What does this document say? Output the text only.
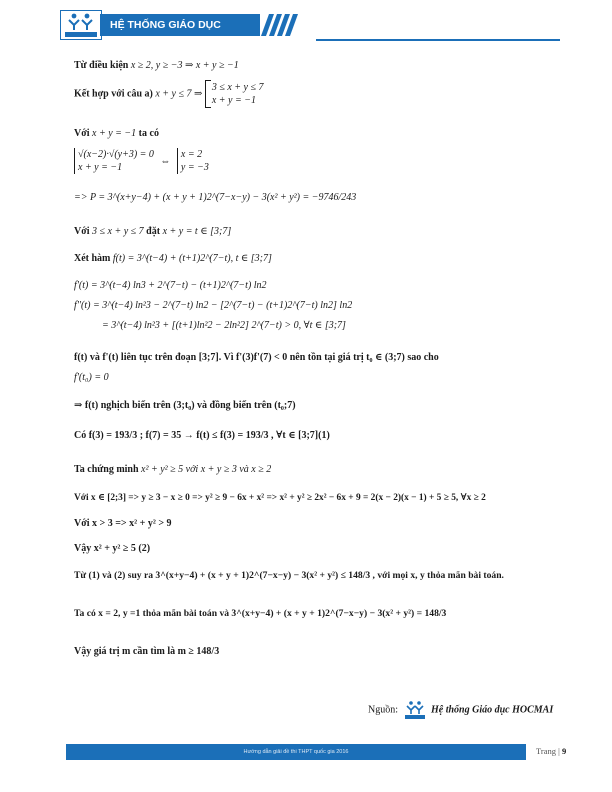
HỆ THỐNG GIÁO DỤC HOCMAI
Từ điều kiện x ≥ 2, y ≥ −3 ⇒ x + y ≥ −1
Kết hợp với câu a) x + y ≤ 7 ⇒
3 ≤ x + y ≤ 7
x + y = −1
Với x + y = −1 ta có
√(x−2)·√(y+3) = 0
x + y = −1
⇔
x = 2
y = −3
=> P = 3^(x+y−4) + (x + y + 1)2^(7−x−y) − 3(x² + y²) = −9746/243
Với 3 ≤ x + y ≤ 7 đặt x + y = t ∈ [3;7]
Xét hàm f(t) = 3^(t−4) + (t+1)2^(7−t), t ∈ [3;7]
f'(t) = 3^(t−4) ln3 + 2^(7−t) − (t+1)2^(7−t) ln2
f''(t) = 3^(t−4) ln²3 − 2^(7−t) ln2 − [2^(7−t) − (t+1)2^(7−t) ln2] ln2
= 3^(t−4) ln²3 + [(t+1)ln²2 − 2ln²2] 2^(7−t) > 0, ∀t ∈ [3;7]
f(t) và f'(t) liên tục trên đoạn [3;7]. Vì f'(3)f'(7) < 0 nên tồn tại giá trị t₀ ∈ (3;7) sao cho
f'(t₀) = 0
⇒ f(t) nghịch biến trên (3;t₀) và đồng biến trên (t₀;7)
Có f(3) = 193/3 ; f(7) = 35 → f(t) ≤ f(3) = 193/3 , ∀t ∈ [3;7](1)
Ta chứng minh x² + y² ≥ 5 với x + y ≥ 3 và x ≥ 2
Với x ∈ [2;3] => y ≥ 3 − x ≥ 0 => y² ≥ 9 − 6x + x² => x² + y² ≥ 2x² − 6x + 9 = 2(x − 2)(x − 1) + 5 ≥ 5, ∀x ≥ 2
Với x > 3 => x² + y² > 9
Vậy x² + y² ≥ 5 (2)
Từ (1) và (2) suy ra 3^(x+y−4) + (x + y + 1)2^(7−x−y) − 3(x² + y²) ≤ 148/3 , với mọi x, y thỏa mãn bài toán.
Ta có x = 2, y =1 thỏa mãn bài toán và 3^(x+y−4) + (x + y + 1)2^(7−x−y) − 3(x² + y²) = 148/3
Vậy giá trị m cần tìm là m ≥ 148/3
Nguồn:	Hệ thống Giáo dục HOCMAI
Hướng dẫn giải đề thi THPT quốc gia 2016	Trang | 9
